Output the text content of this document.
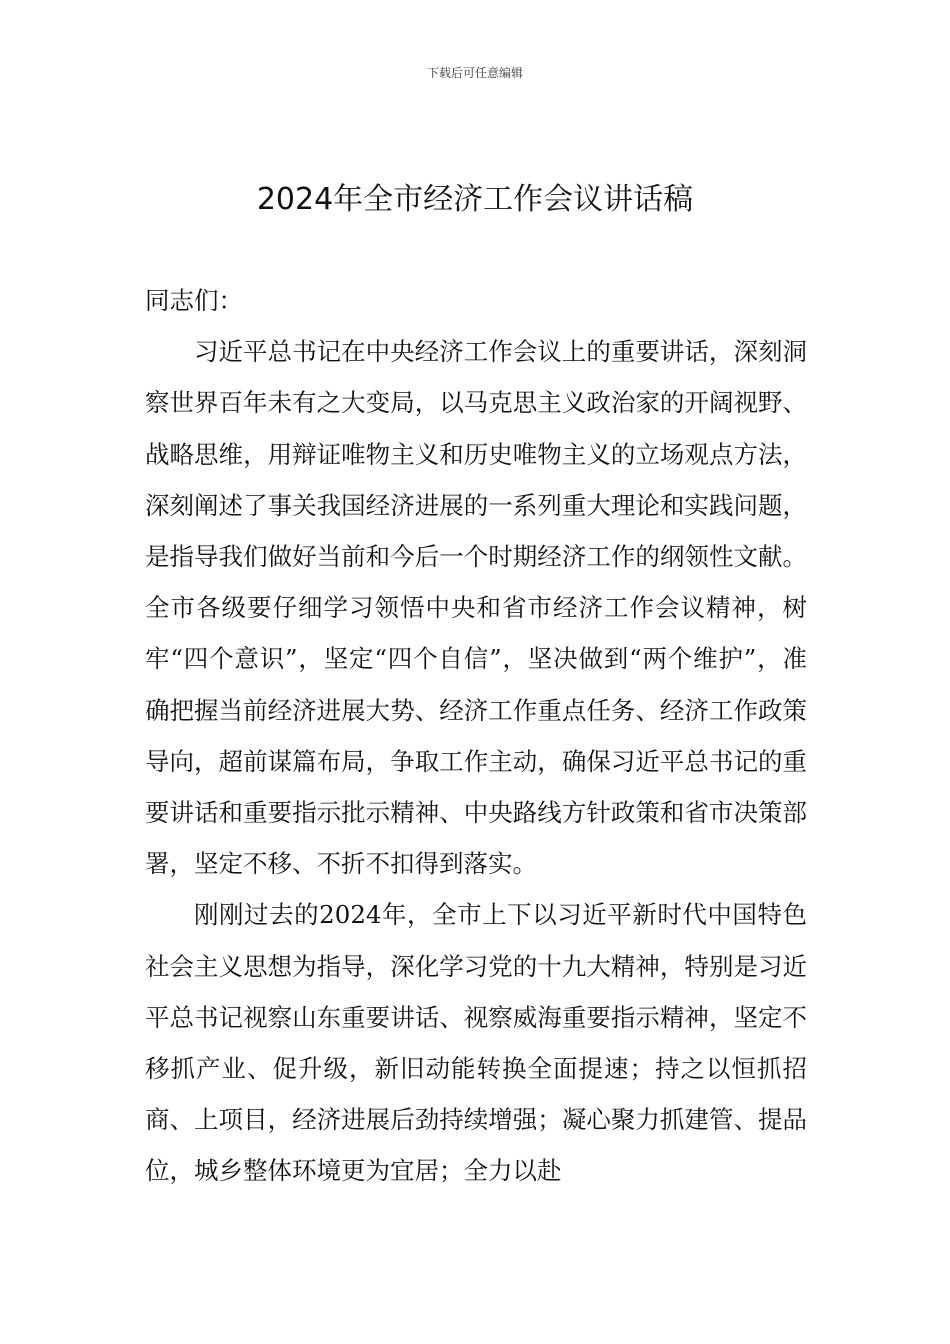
下载后可任意编辑
2024年全市经济工作会议讲话稿

同志们：

习近平总书记在中央经济工作会议上的重要讲话，深刻洞察世界百年未有之大变局，以马克思主义政治家的开阔视野、战略思维，用辩证唯物主义和历史唯物主义的立场观点方法，深刻阐述了事关我国经济进展的一系列重大理论和实践问题，是指导我们做好当前和今后一个时期经济工作的纲领性文献。全市各级要仔细学习领悟中央和省市经济工作会议精神，树牢“四个意识”，坚定“四个自信”，坚决做到“两个维护”，准确把握当前经济进展大势、经济工作重点任务、经济工作政策导向，超前谋篇布局，争取工作主动，确保习近平总书记的重要讲话和重要指示批示精神、中央路线方针政策和省市决策部署，坚定不移、不折不扣得到落实。

刚刚过去的2024年，全市上下以习近平新时代中国特色社会主义思想为指导，深化学习党的十九大精神，特别是习近平总书记视察山东重要讲话、视察威海重要指示精神，坚定不移抓产业、促升级，新旧动能转换全面提速；持之以恒抓招商、上项目，经济进展后劲持续增强；凝心聚力抓建管、提品位，城乡整体环境更为宜居；全力以赴
